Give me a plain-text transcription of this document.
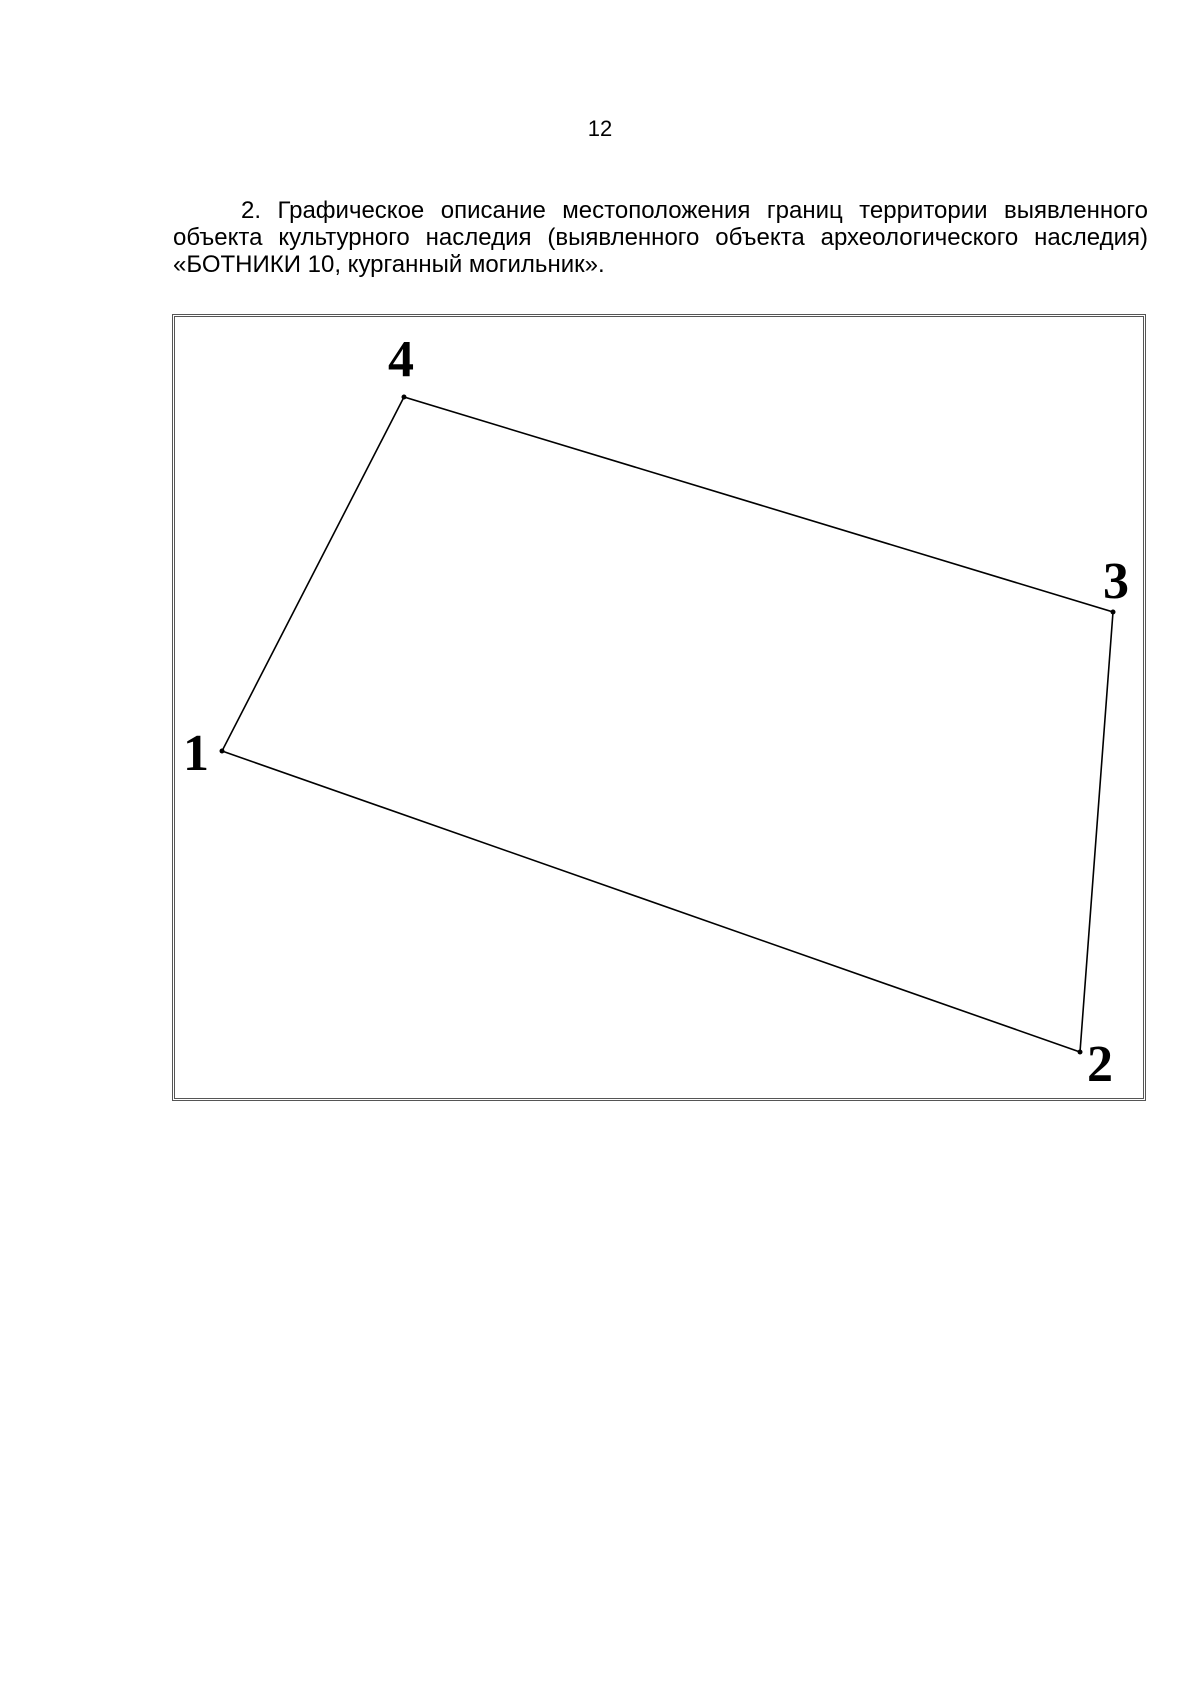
12
2. Графическое описание местоположения границ территории выявленного объекта культурного наследия (выявленного объекта археологического наследия) «БОТНИКИ 10, курганный могильник».
1
2
3
4
